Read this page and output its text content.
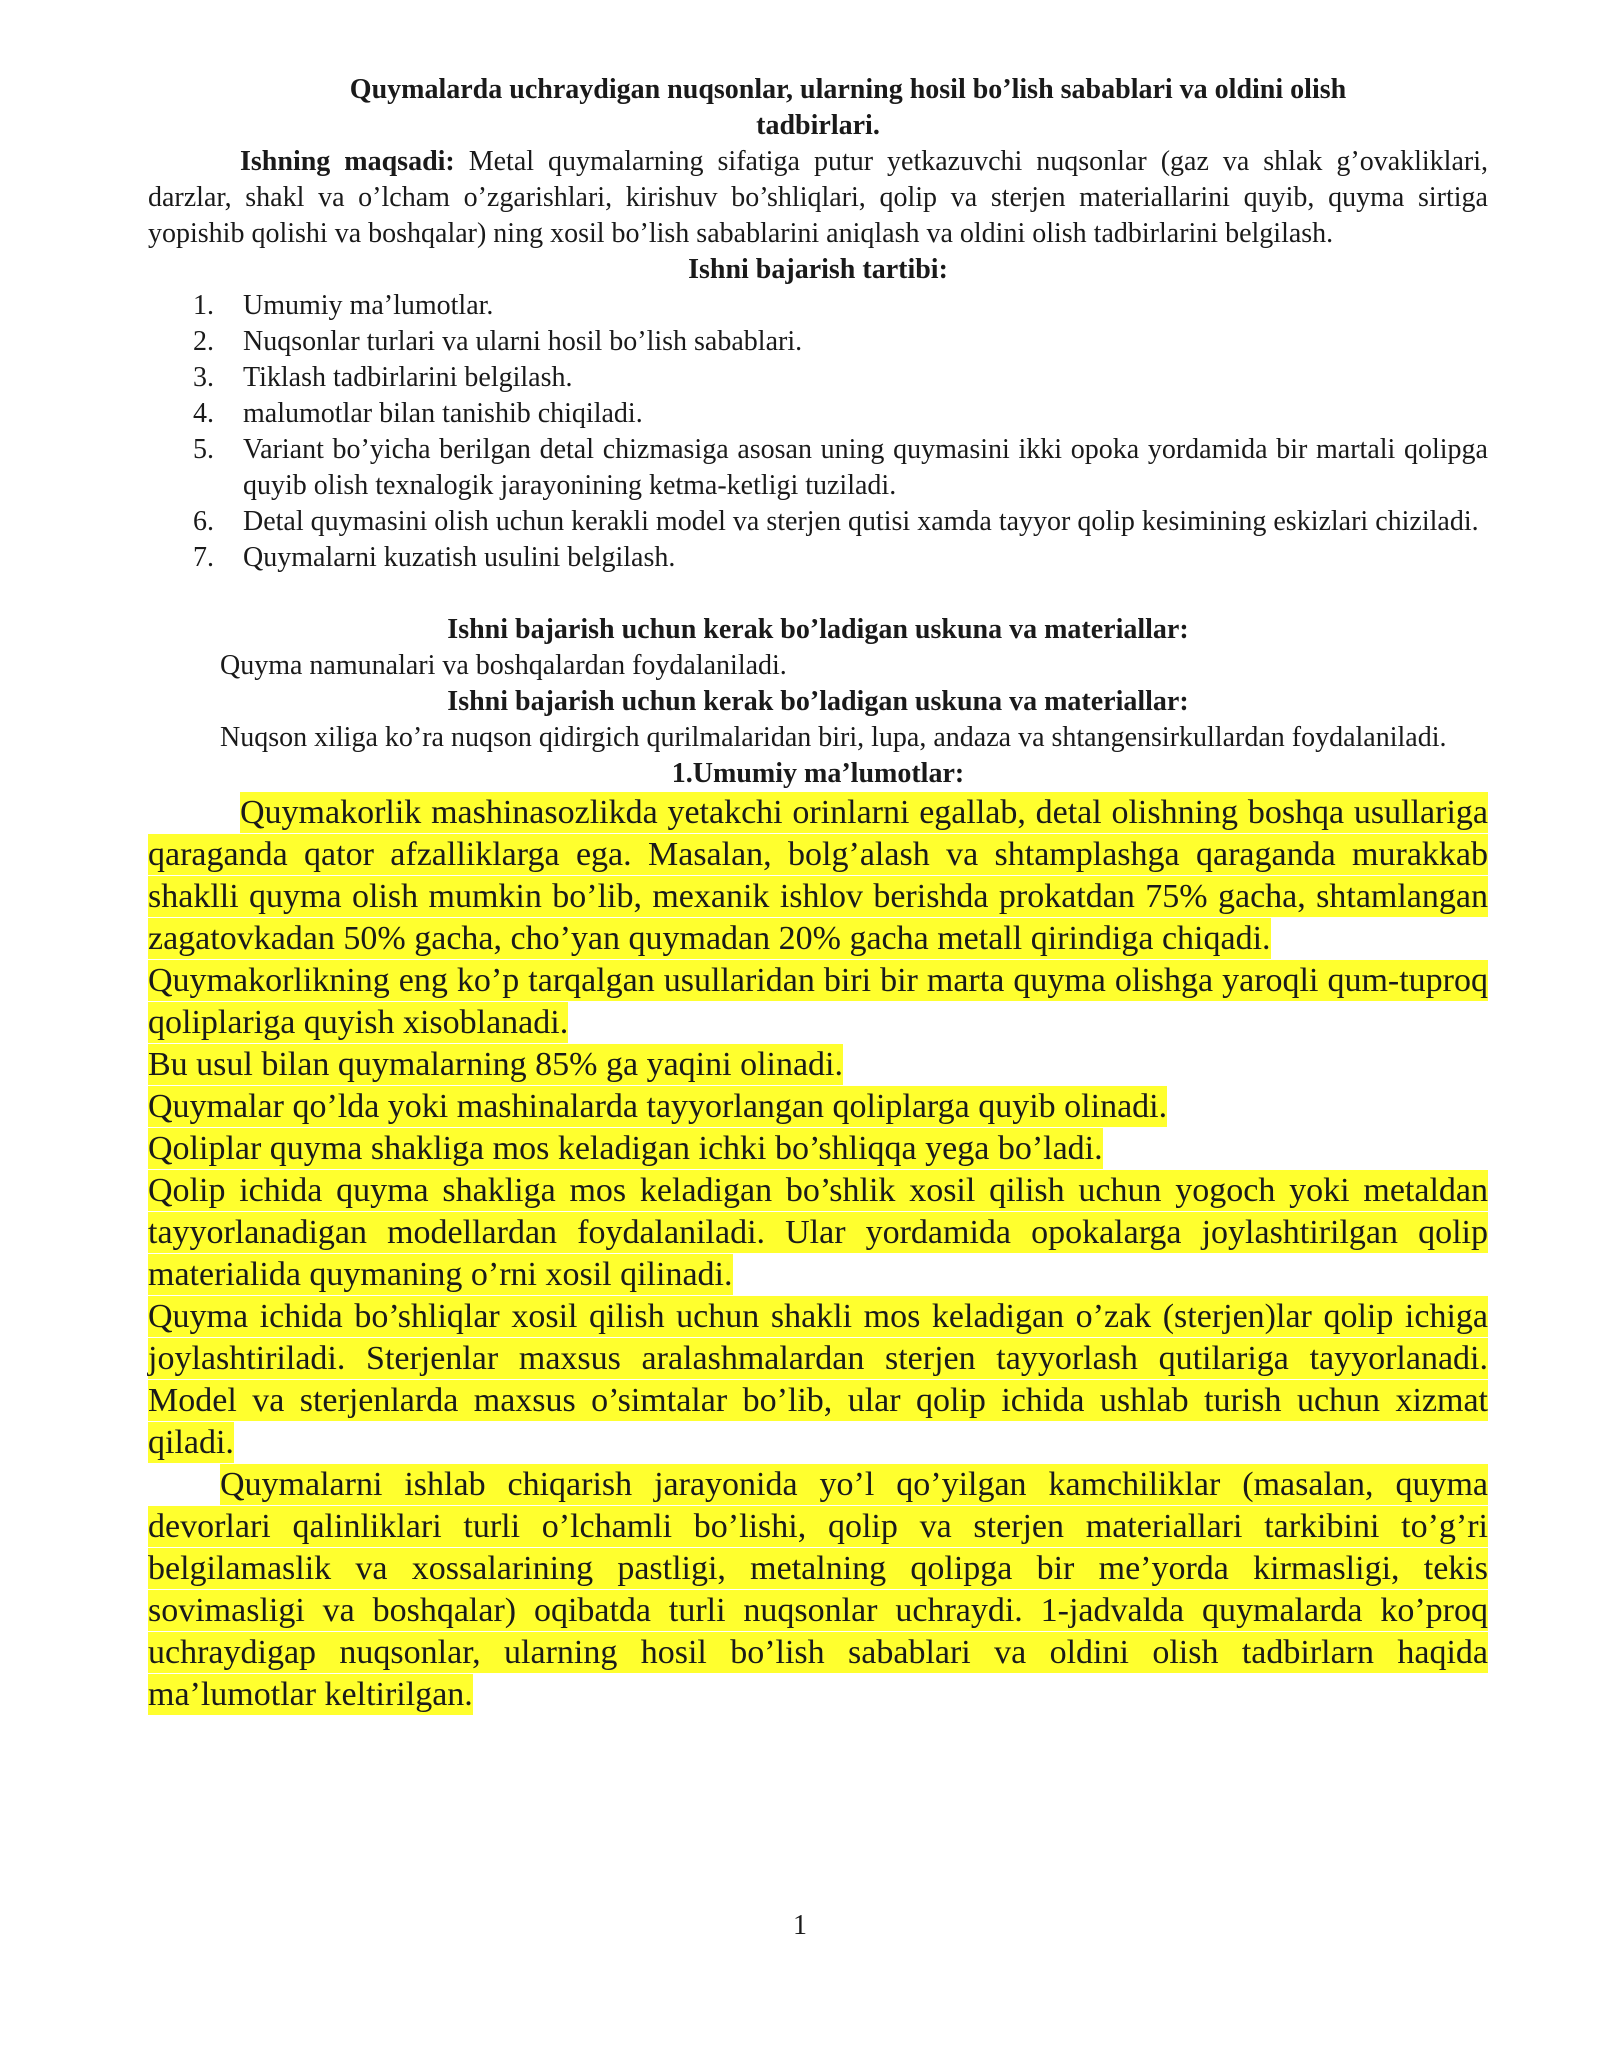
Quymalarda uchraydigan nuqsonlar, ularning hosil bo’lish sabablari va oldini olish

tadbirlari.

Ishning maqsadi: Metal quymalarning sifatiga putur yetkazuvchi nuqsonlar (gaz va shlak g’ovakliklari, darzlar, shakl va o’lcham o’zgarishlari, kirishuv bo’shliqlari, qolip va sterjen materiallarini quyib, quyma sirtiga yopishib qolishi va boshqalar) ning xosil bo’lish sabablarini aniqlash va oldini olish tadbirlarini belgilash.

Ishni bajarish tartibi:

1. Umumiy ma’lumotlar.
2. Nuqsonlar turlari va ularni hosil bo’lish sabablari.
3. Tiklash tadbirlarini belgilash.
4. malumotlar bilan tanishib chiqiladi.
5. Variant bo’yicha berilgan detal chizmasiga asosan uning quymasini ikki opoka yordamida bir martali qolipga quyib olish texnalogik jarayonining ketma-ketligi tuziladi.
6. Detal quymasini olish uchun kerakli model va sterjen qutisi xamda tayyor qolip kesimining eskizlari chiziladi.
7. Quymalarni kuzatish usulini belgilash.

Ishni bajarish uchun kerak bo’ladigan uskuna va materiallar:

Quyma namunalari va boshqalardan foydalaniladi.

Ishni bajarish uchun kerak bo’ladigan uskuna va materiallar:

Nuqson xiliga ko’ra nuqson qidirgich qurilmalaridan biri, lupa, andaza va shtangensirkullardan foydalaniladi.

1.Umumiy ma’lumotlar:

Quymakorlik mashinasozlikda yetakchi orinlarni egallab, detal olishning boshqa usullariga qaraganda qator afzalliklarga ega. Masalan, bolg’alash va shtamplashga qaraganda murakkab shaklli quyma olish mumkin bo’lib, mexanik ishlov berishda prokatdan 75% gacha, shtamlangan zagatovkadan 50% gacha, cho’yan quymadan 20% gacha metall qirindiga chiqadi.

Quymakorlikning eng ko’p tarqalgan usullaridan biri bir marta quyma olishga yaroqli qum-tuproq qoliplariga quyish xisoblanadi.

Bu usul bilan quymalarning 85% ga yaqini olinadi.

Quymalar qo’lda yoki mashinalarda tayyorlangan qoliplarga quyib olinadi.

Qoliplar quyma shakliga mos keladigan ichki bo’shliqqa yega bo’ladi.

Qolip ichida quyma shakliga mos keladigan bo’shlik xosil qilish uchun yogoch yoki metaldan tayyorlanadigan modellardan foydalaniladi. Ular yordamida opokalarga joylashtirilgan qolip materialida quymaning o’rni xosil qilinadi.

Quyma ichida bo’shliqlar xosil qilish uchun shakli mos keladigan o’zak (sterjen)lar qolip ichiga joylashtiriladi. Sterjenlar maxsus aralashmalardan sterjen tayyorlash qutilariga tayyorlanadi. Model va sterjenlarda maxsus o’simtalar bo’lib, ular qolip ichida ushlab turish uchun xizmat qiladi.

Quymalarni ishlab chiqarish jarayonida yo’l qo’yilgan kamchiliklar (masalan, quyma devorlari qalinliklari turli o’lchamli bo’lishi, qolip va sterjen materiallari tarkibini to’g’ri belgilamaslik va xossalarining pastligi, metalning qolipga bir me’yorda kirmasligi, tekis sovimasligi va boshqalar) oqibatda turli nuqsonlar uchraydi. 1-jadvalda quymalarda ko’proq uchraydigap nuqsonlar, ularning hosil bo’lish sabablari va oldini olish tadbirlarn haqida ma’lumotlar keltirilgan.

1
